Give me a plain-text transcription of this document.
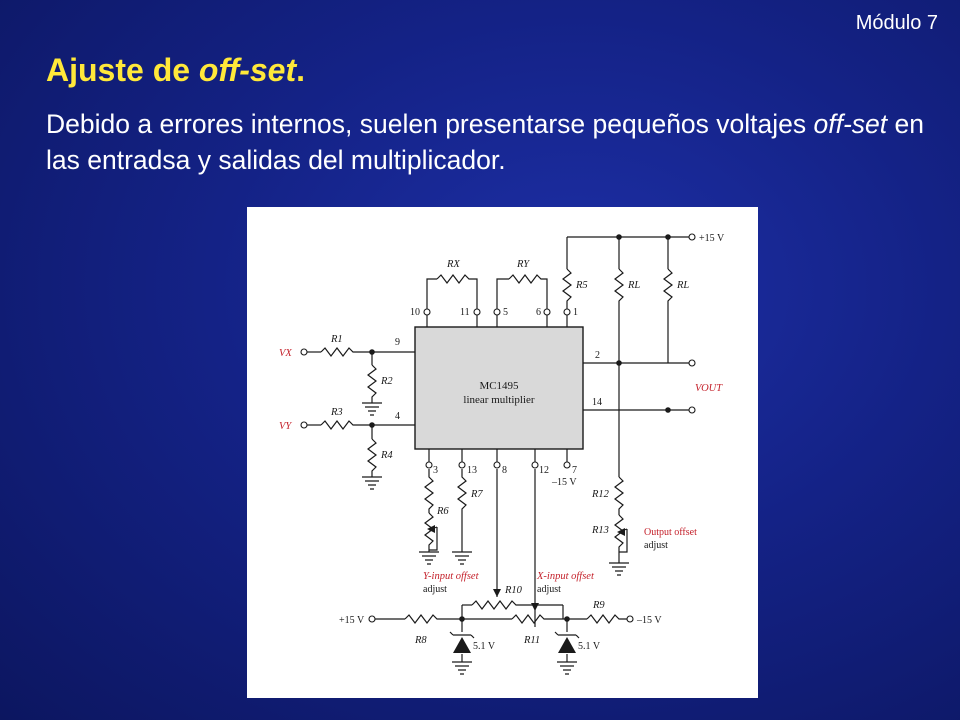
Módulo 7
Ajuste de off-set.
Debido a errores internos, suelen presentarse pequeños voltajes off-set en las entradsa y salidas del multiplicador.
MC1495
linear multiplier
+15 V
+15 V	–15 V
–15 V
5.1 V	5.1 V
10	11	5	6	1
9
4
2
14
3	13	8	12 7
R1
R2
R3
R4
R5	RL	RL
RX	RY
R6
R7
R8
R9
R10
R11
R12
R13
VX
VY
VOUT
Y-input offset
adjust
X-input offset
adjust
Output offset
adjust
